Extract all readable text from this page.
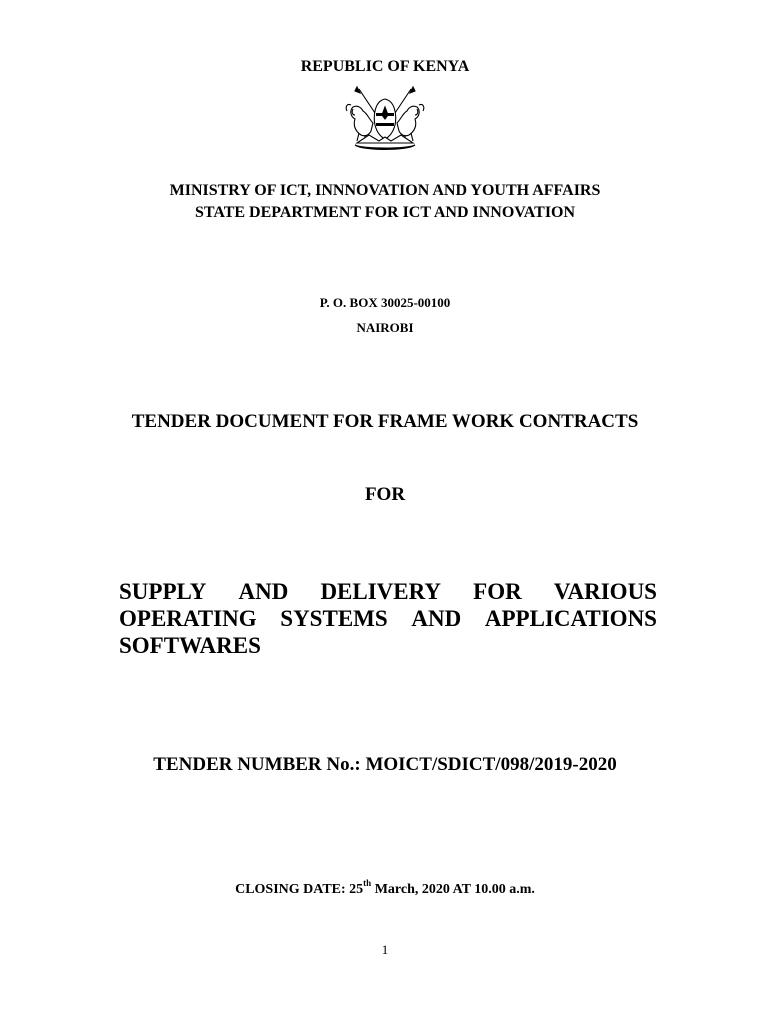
REPUBLIC OF KENYA
MINISTRY OF ICT, INNNOVATION AND YOUTH AFFAIRS
STATE DEPARTMENT FOR ICT AND INNOVATION
P. O. BOX 30025-00100
NAIROBI
TENDER DOCUMENT FOR FRAME WORK CONTRACTS
FOR
SUPPLY AND DELIVERY FOR VARIOUS
OPERATING SYSTEMS AND APPLICATIONS
SOFTWARES
TENDER NUMBER No.: MOICT/SDICT/098/2019-2020
CLOSING DATE: 25th March, 2020 AT 10.00 a.m.
1
